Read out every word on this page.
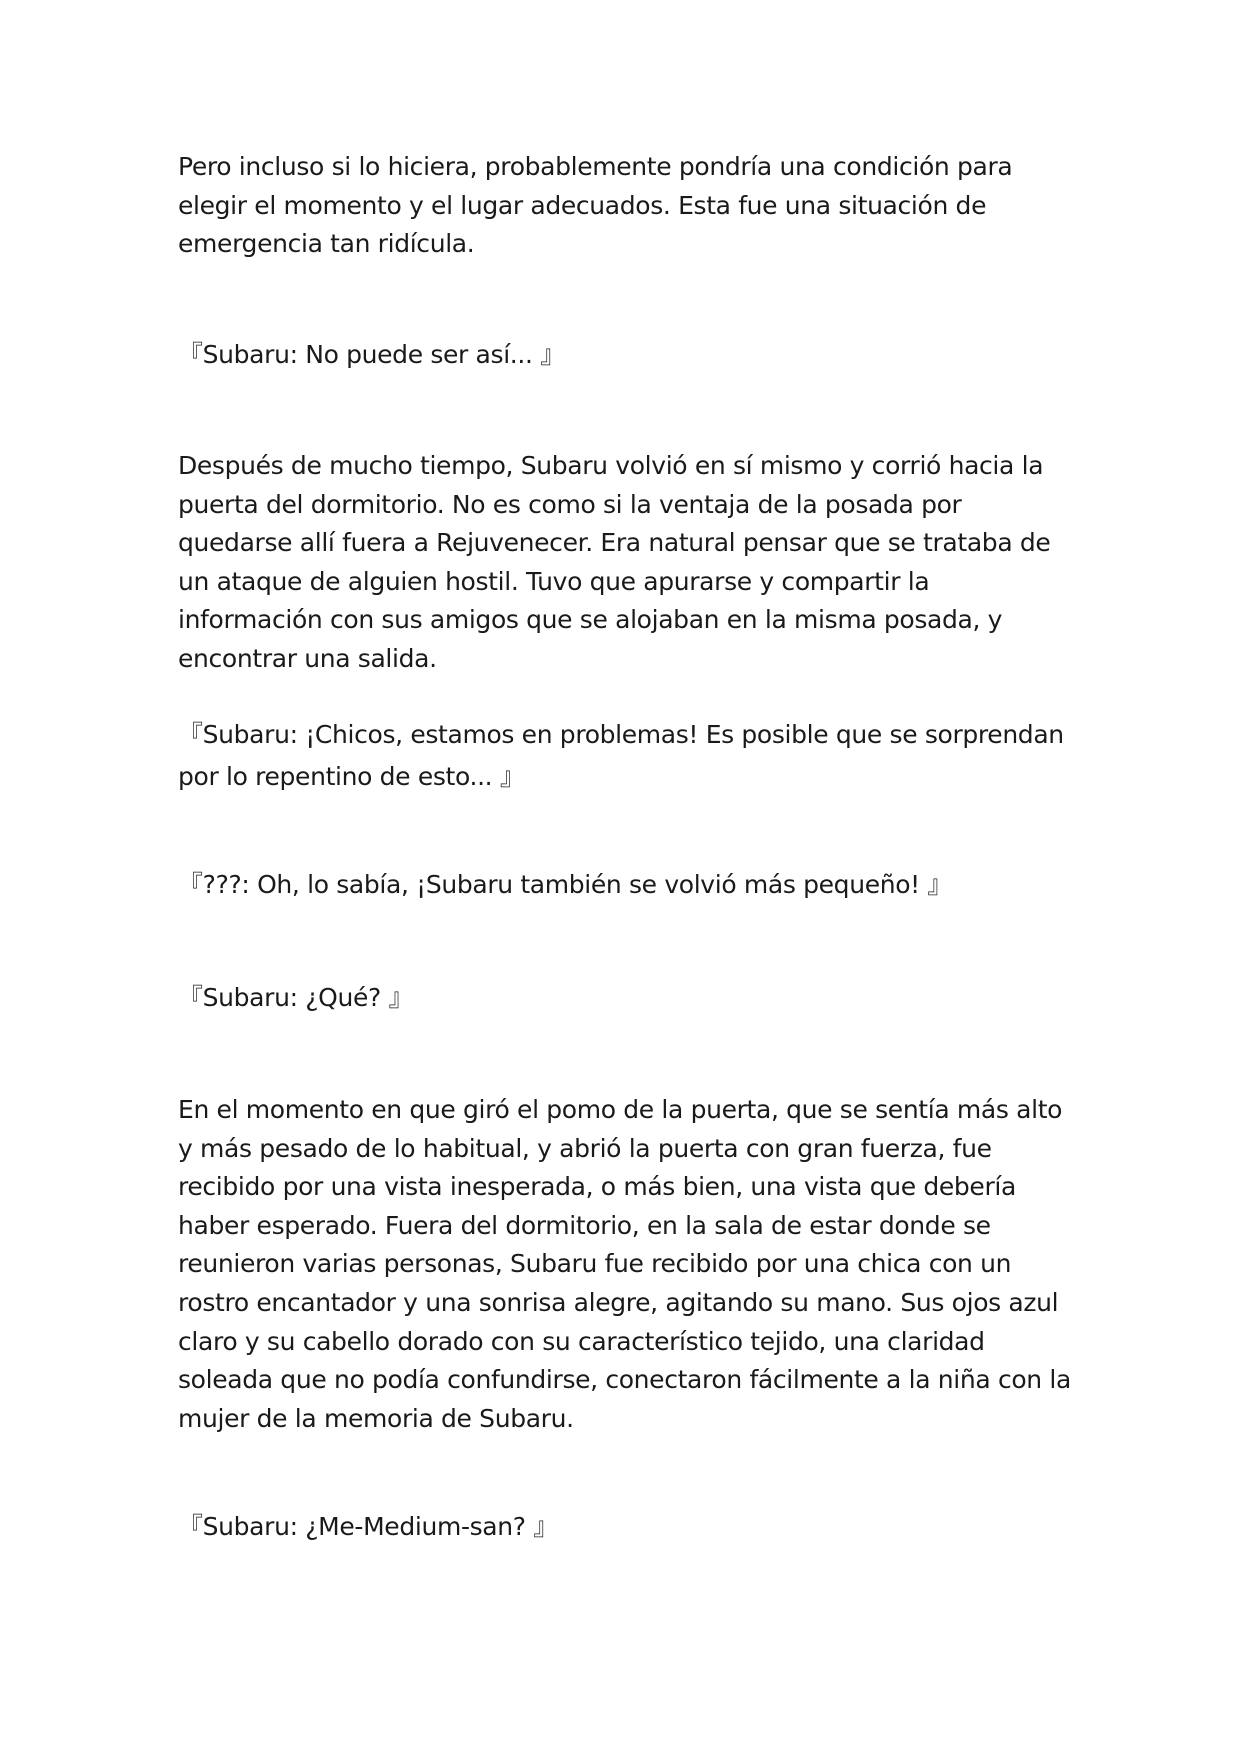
Pero incluso si lo hiciera, probablemente pondría una condición para elegir el momento y el lugar adecuados. Esta fue una situación de emergencia tan ridícula.

『Subaru: No puede ser así... 』

Después de mucho tiempo, Subaru volvió en sí mismo y corrió hacia la puerta del dormitorio. No es como si la ventaja de la posada por quedarse allí fuera a Rejuvenecer. Era natural pensar que se trataba de un ataque de alguien hostil. Tuvo que apurarse y compartir la información con sus amigos que se alojaban en la misma posada, y encontrar una salida.

『Subaru: ¡Chicos, estamos en problemas! Es posible que se sorprendan por lo repentino de esto... 』

『???: Oh, lo sabía, ¡Subaru también se volvió más pequeño! 』

『Subaru: ¿Qué? 』

En el momento en que giró el pomo de la puerta, que se sentía más alto y más pesado de lo habitual, y abrió la puerta con gran fuerza, fue recibido por una vista inesperada, o más bien, una vista que debería haber esperado. Fuera del dormitorio, en la sala de estar donde se reunieron varias personas, Subaru fue recibido por una chica con un rostro encantador y una sonrisa alegre, agitando su mano. Sus ojos azul claro y su cabello dorado con su característico tejido, una claridad soleada que no podía confundirse, conectaron fácilmente a la niña con la mujer de la memoria de Subaru.

『Subaru: ¿Me-Medium-san? 』
